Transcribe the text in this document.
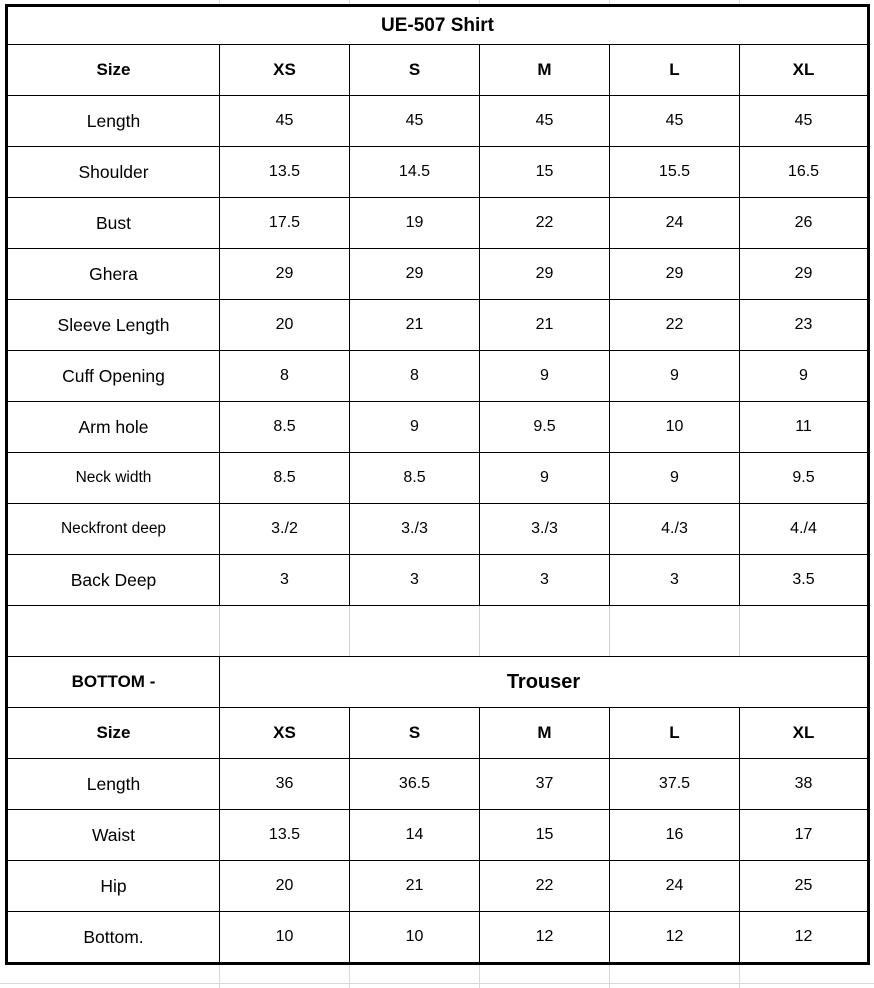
UE-507 Shirt					
Size	XS	S	M	L	XL
Length	45	45	45	45	45
Shoulder	13.5	14.5	15	15.5	16.5
Bust	17.5	19	22	24	26
Ghera	29	29	29	29	29
Sleeve Length	20	21	21	22	23
Cuff Opening	8	8	9	9	9
Arm hole	8.5	9	9.5	10	11
Neck width	8.5	8.5	9	9	9.5
Neckfront deep	3./2	3./3	3./3	4./3	4./4
Back Deep	3	3	3	3	3.5

BOTTOM -	Trouser				
Size	XS	S	M	L	XL
Length	36	36.5	37	37.5	38
Waist	13.5	14	15	16	17
Hip	20	21	22	24	25
Bottom.	10	10	12	12	12
